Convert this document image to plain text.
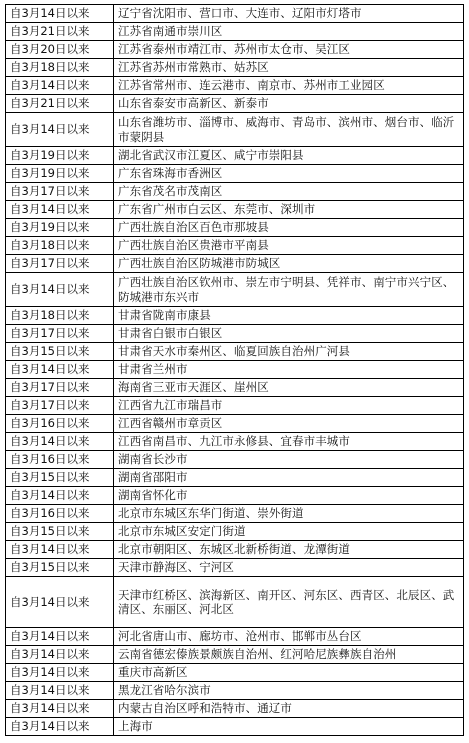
自3月14日以来	辽宁省沈阳市、营口市、大连市、辽阳市灯塔市
自3月21日以来	江苏省南通市崇川区
自3月20日以来	江苏省泰州市靖江市、苏州市太仓市、吴江区
自3月18日以来	江苏省苏州市常熟市、姑苏区
自3月14日以来	江苏省常州市、连云港市、南京市、苏州市工业园区
自3月21日以来	山东省泰安市高新区、新泰市
自3月14日以来	山东省潍坊市、淄博市、威海市、青岛市、滨州市、烟台市、临沂市蒙阴县
自3月19日以来	湖北省武汉市江夏区、咸宁市崇阳县
自3月19日以来	广东省珠海市香洲区
自3月17日以来	广东省茂名市茂南区
自3月14日以来	广东省广州市白云区、东莞市、深圳市
自3月19日以来	广西壮族自治区百色市那坡县
自3月18日以来	广西壮族自治区贵港市平南县
自3月17日以来	广西壮族自治区防城港市防城区
自3月14日以来	广西壮族自治区钦州市、崇左市宁明县、凭祥市、南宁市兴宁区、防城港市东兴市
自3月18日以来	甘肃省陇南市康县
自3月17日以来	甘肃省白银市白银区
自3月15日以来	甘肃省天水市秦州区、临夏回族自治州广河县
自3月14日以来	甘肃省兰州市
自3月17日以来	海南省三亚市天涯区、崖州区
自3月17日以来	江西省九江市瑞昌市
自3月16日以来	江西省赣州市章贡区
自3月14日以来	江西省南昌市、九江市永修县、宜春市丰城市
自3月16日以来	湖南省长沙市
自3月15日以来	湖南省邵阳市
自3月14日以来	湖南省怀化市
自3月16日以来	北京市东城区东华门街道、崇外街道
自3月15日以来	北京市东城区安定门街道
自3月14日以来	北京市朝阳区、东城区北新桥街道、龙潭街道
自3月15日以来	天津市静海区、宁河区
自3月14日以来	天津市红桥区、滨海新区、南开区、河东区、西青区、北辰区、武清区、东丽区、河北区
自3月14日以来	河北省唐山市、廊坊市、沧州市、邯郸市丛台区
自3月14日以来	云南省德宏傣族景颇族自治州、红河哈尼族彝族自治州
自3月14日以来	重庆市高新区
自3月14日以来	黑龙江省哈尔滨市
自3月14日以来	内蒙古自治区呼和浩特市、通辽市
自3月14日以来	上海市
